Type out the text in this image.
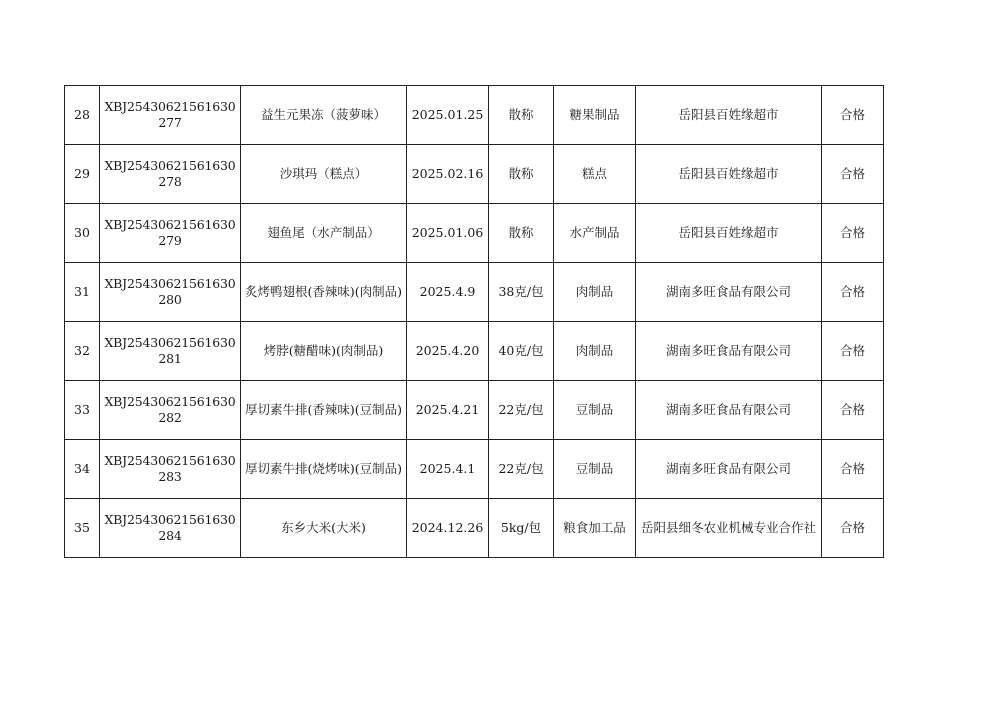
28	XBJ25430621561630277	益生元果冻（菠萝味）	2025.01.25	散称	糖果制品	岳阳县百姓缘超市	合格
29	XBJ25430621561630278	沙琪玛（糕点）	2025.02.16	散称	糕点	岳阳县百姓缘超市	合格
30	XBJ25430621561630279	翅鱼尾（水产制品）	2025.01.06	散称	水产制品	岳阳县百姓缘超市	合格
31	XBJ25430621561630280	炙烤鸭翅根(香辣味)(肉制品)	2025.4.9	38克/包	肉制品	湖南多旺食品有限公司	合格
32	XBJ25430621561630281	烤脖(糖醋味)(肉制品)	2025.4.20	40克/包	肉制品	湖南多旺食品有限公司	合格
33	XBJ25430621561630282	厚切素牛排(香辣味)(豆制品)	2025.4.21	22克/包	豆制品	湖南多旺食品有限公司	合格
34	XBJ25430621561630283	厚切素牛排(烧烤味)(豆制品)	2025.4.1	22克/包	豆制品	湖南多旺食品有限公司	合格
35	XBJ25430621561630284	东乡大米(大米)	2024.12.26	5kg/包	粮食加工品	岳阳县细冬农业机械专业合作社	合格
